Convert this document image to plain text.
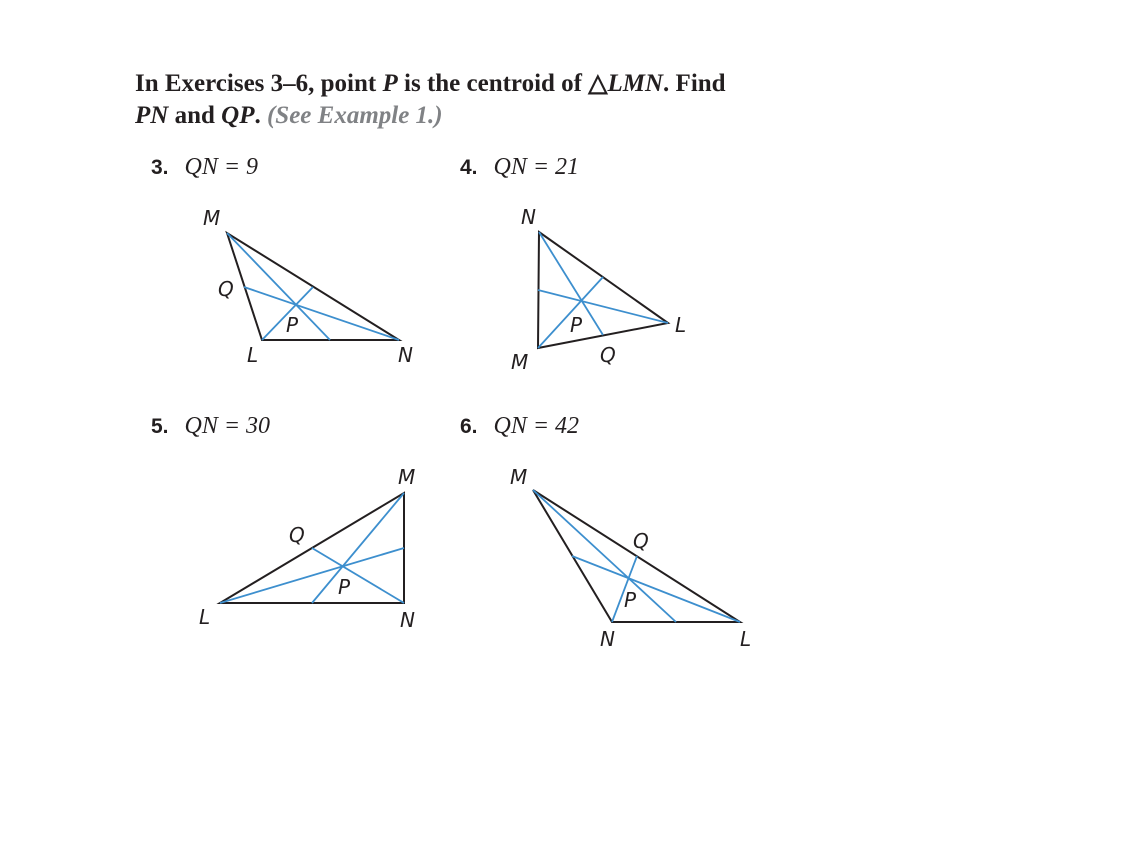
In Exercises 3–6, point P is the centroid of △LMN. Find
PN and QP. (See Example 1.)
3. QN = 9	4. QN = 21
5. QN = 30	6. QN = 42
M
Q
P
L	N
N
P	L
M	Q
M
Q
P
L	N
M
Q
P
N	L
